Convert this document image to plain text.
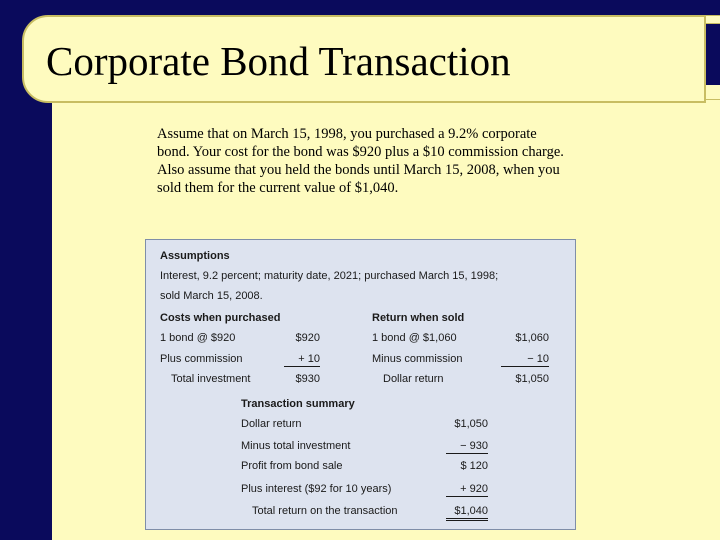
Corporate Bond Transaction
Assume that on March 15, 1998, you purchased a 9.2% corporate
bond. Your cost for the bond was $920 plus a $10 commission charge.
Also assume that you held the bonds until March 15, 2008, when you
sold them for the current value of $1,040.
Assumptions
Interest, 9.2 percent; maturity date, 2021; purchased March 15, 1998;
sold March 15, 2008.
Costs when purchased
1 bond @ $920	$920
Plus commission	+ 10
Total investment	$930
Return when sold
1 bond @ $1,060	$1,060
Minus commission	− 10
Dollar return	$1,050
Transaction summary
Dollar return	$1,050
Minus total investment	− 930
Profit from bond sale	$ 120
Plus interest ($92 for 10 years)	+ 920
Total return on the transaction	$1,040
